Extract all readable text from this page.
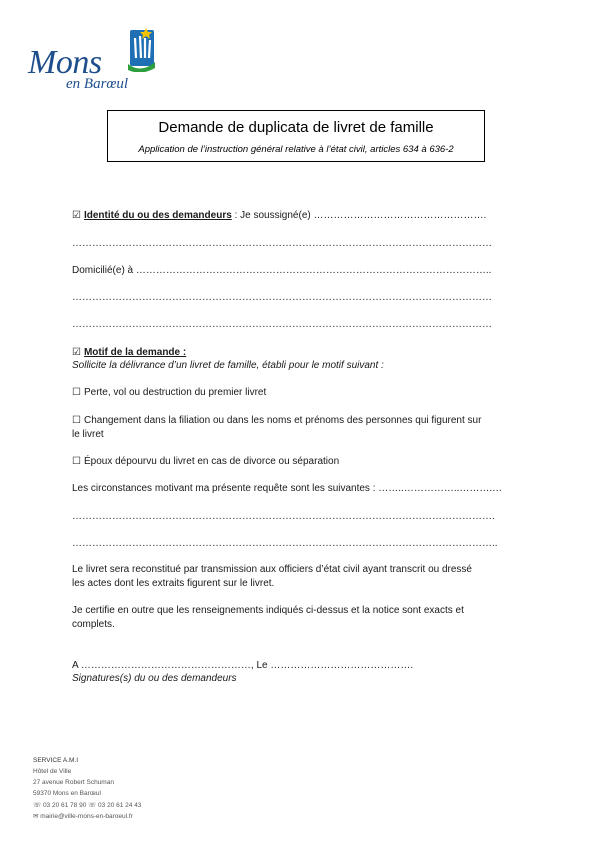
Mons
en Barœul
Demande de duplicata de livret de famille
Application de l’instruction général relative à l’état civil, articles 634 à 636-2
☑ Identité du ou des demandeurs : Je soussigné(e) …………………………………………….
………………………………………………………………………………………………………………
Domicilié(e) à ……………………………………………………………………………………………..
………………………………………………………………………………………………………………
………………………………………………………………………………………………………………
☑ Motif de la demande :
Sollicite la délivrance d’un livret de famille, établi pour le motif suivant :
☐ Perte, vol ou destruction du premier livret
☐ Changement dans la filiation ou dans les noms et prénoms des personnes qui figurent sur
le livret
☐ Époux dépourvu du livret en cas de divorce ou séparation
Les circonstances motivant ma présente requête sont les suivantes : ……..……………..……….…
……………………………………………………………………………………………………………….
………………………………………………………………………………………………………………..
Le livret sera reconstitué par transmission aux officiers d’état civil ayant transcrit ou dressé
les actes dont les extraits figurent sur le livret.
Je certifie en outre que les renseignements indiqués ci-dessus et la notice sont exacts et
complets.
A ……………………………………………, Le …………………………………….
Signatures(s) du ou des demandeurs
SERVICE A.M.I
Hôtel de Ville
27 avenue Robert Schuman
59370 Mons en Barœul
☏ 03 20 61 78 90 ☏ 03 20 61 24 43
✉ mairie@ville-mons-en-baroeul.fr
